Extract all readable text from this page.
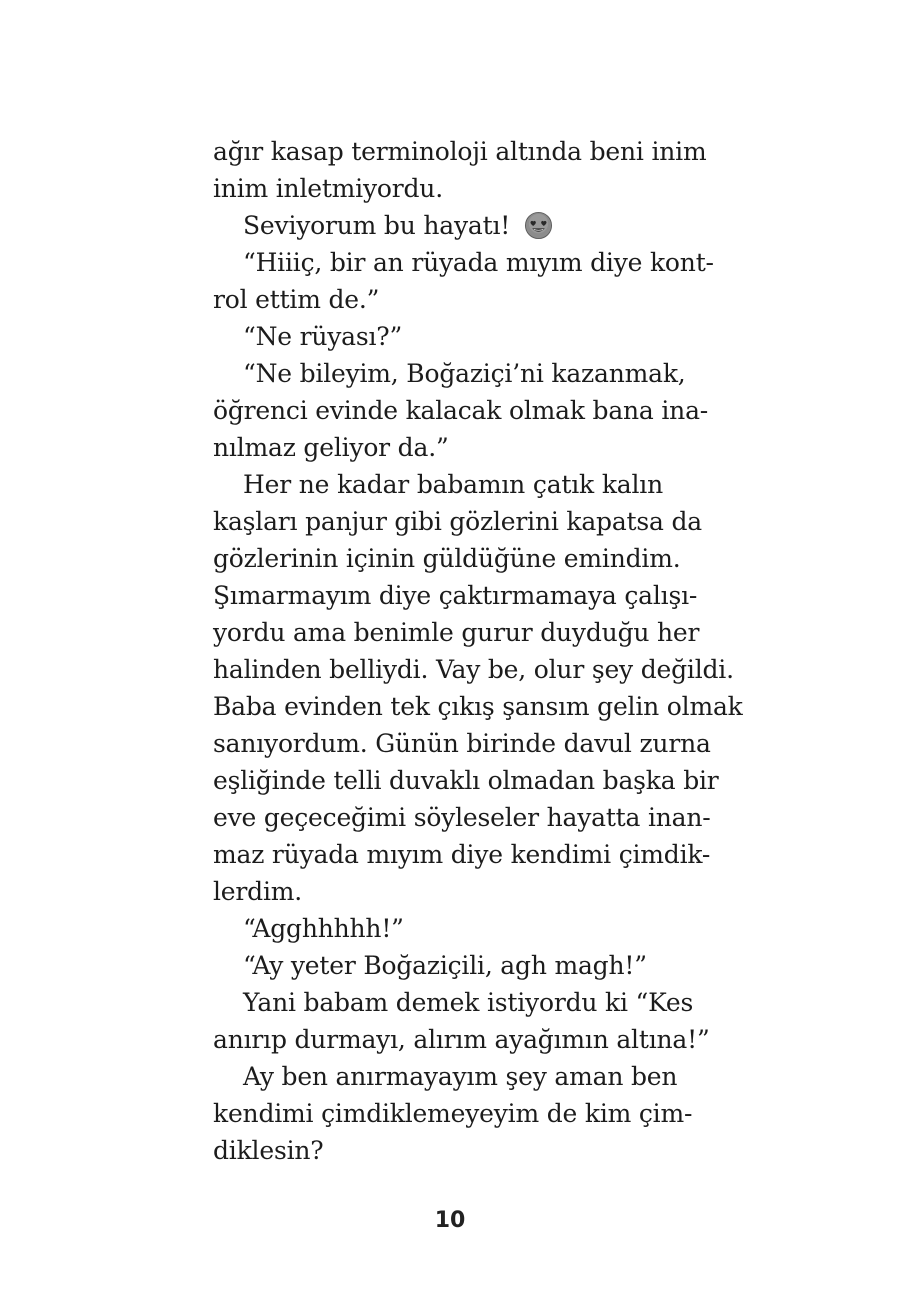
ağır kasap terminoloji altında beni inim
inim inletmiyordu.
Seviyorum bu hayatı!
“Hiiiç, bir an rüyada mıyım diye kont-
rol ettim de.”
“Ne rüyası?”
“Ne bileyim, Boğaziçi’ni kazanmak,
öğrenci evinde kalacak olmak bana ina-
nılmaz geliyor da.”
Her ne kadar babamın çatık kalın
kaşları panjur gibi gözlerini kapatsa da
gözlerinin içinin güldüğüne emindim.
Şımarmayım diye çaktırmamaya çalışı-
yordu ama benimle gurur duyduğu her
halinden belliydi. Vay be, olur şey değildi.
Baba evinden tek çıkış şansım gelin olmak
sanıyordum. Günün birinde davul zurna
eşliğinde telli duvaklı olmadan başka bir
eve geçeceğimi söyleseler hayatta inan-
maz rüyada mıyım diye kendimi çimdik-
lerdim.
“Agghhhhh!”
“Ay yeter Boğaziçili, agh magh!”
Yani babam demek istiyordu ki “Kes
anırıp durmayı, alırım ayağımın altına!”
Ay ben anırmayayım şey aman ben
kendimi çimdiklemeyeyim de kim çim-
diklesin?
10
